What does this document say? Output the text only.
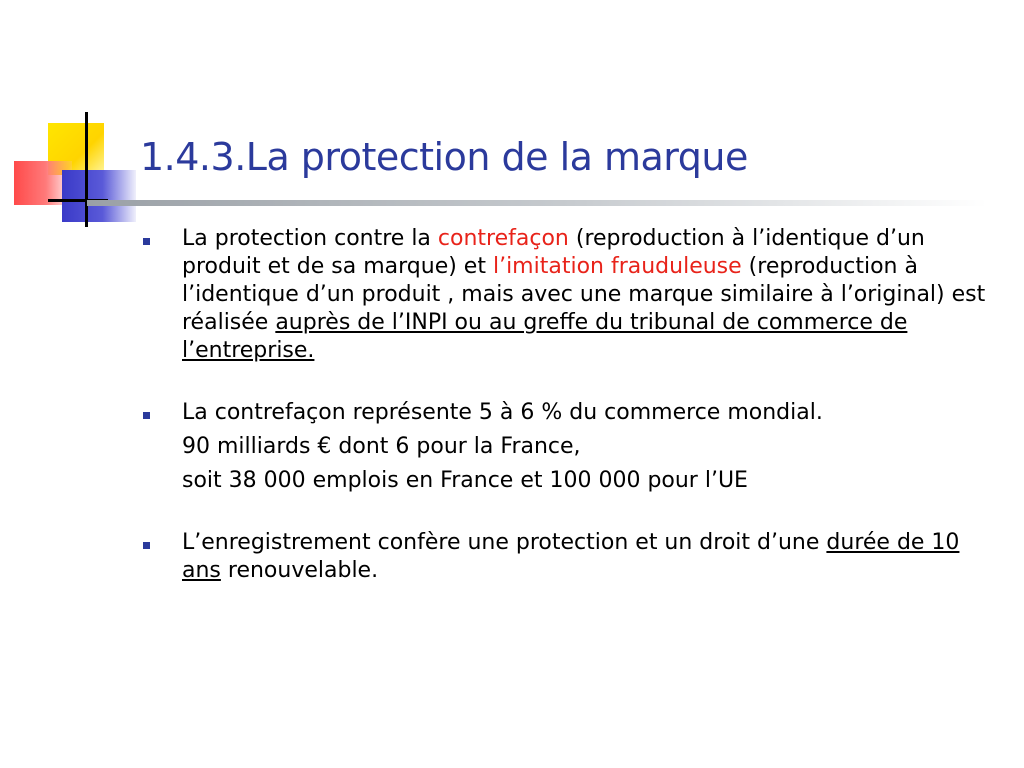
1.4.3.La protection de la marque
La protection contre la contrefaçon (reproduction à l’identique d’un produit et de sa marque) et l’imitation frauduleuse (reproduction à l’identique d’un produit , mais avec une marque similaire à l’original) est réalisée auprès de l’INPI ou au greffe du tribunal de commerce de l’entreprise.
La contrefaçon représente 5 à 6 % du commerce mondial.
90 milliards € dont 6 pour la France,
soit 38 000 emplois en France et 100 000 pour l’UE
L’enregistrement confère une protection et un droit d’une durée de 10 ans renouvelable.
